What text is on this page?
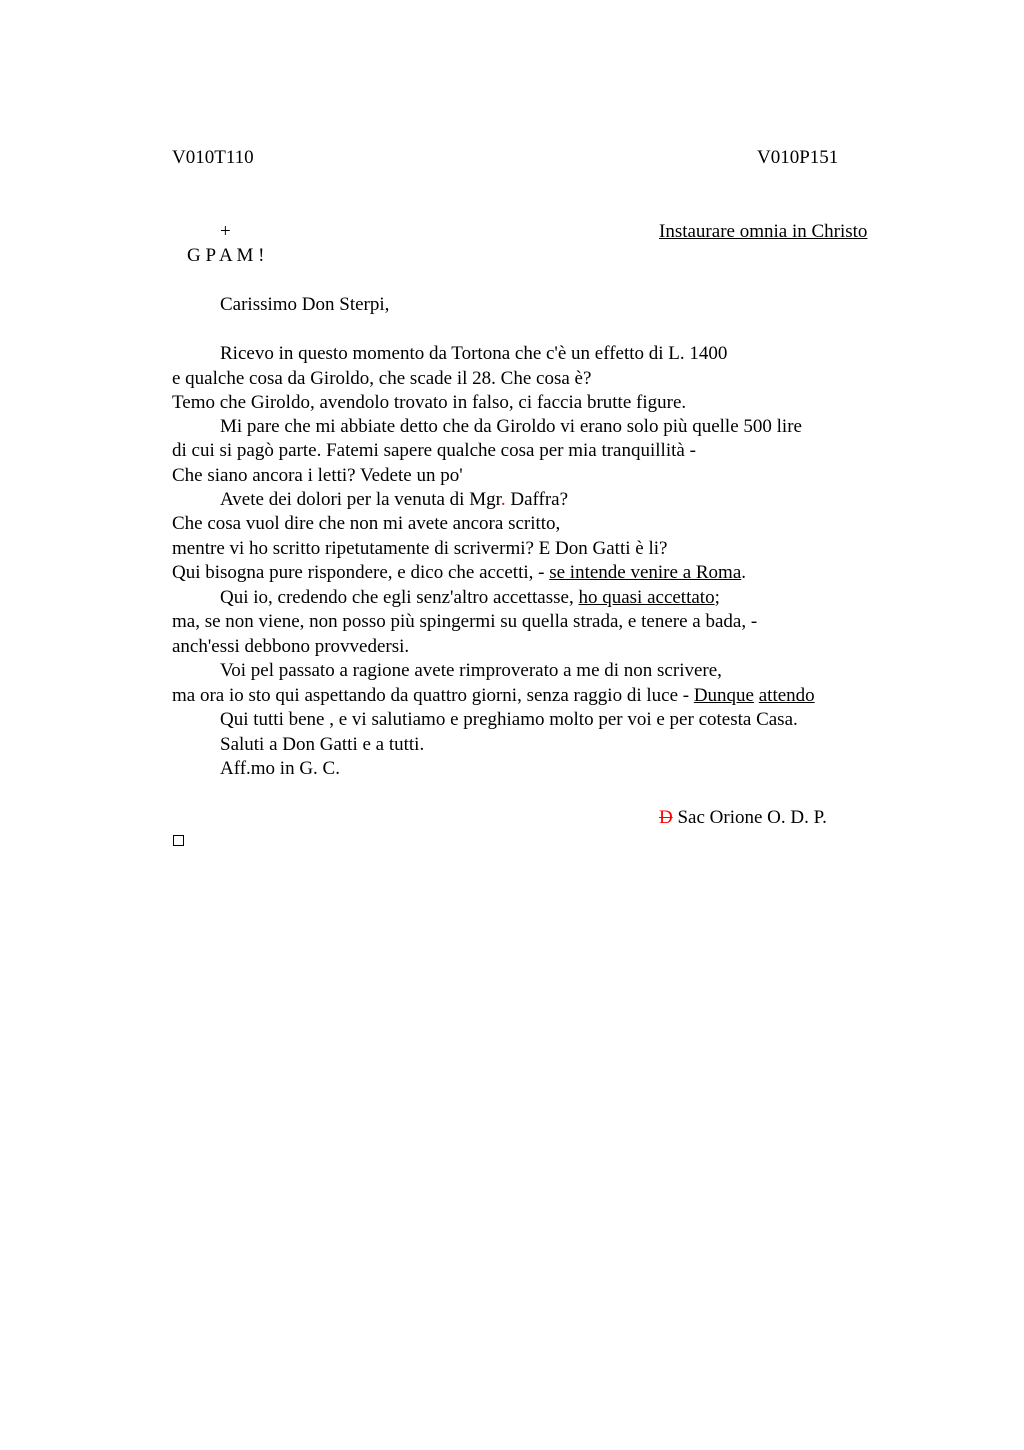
V010T110	V010P151
+	Instaurare omnia in Christo
G P A M !
Carissimo Don Sterpi,
Ricevo in questo momento da Tortona che c'è un effetto di L. 1400
e qualche cosa da Giroldo, che scade il 28. Che cosa è?
Temo che Giroldo, avendolo trovato in falso, ci faccia brutte figure.
Mi pare che mi abbiate detto che da Giroldo vi erano solo più quelle 500 lire
di cui si pagò parte. Fatemi sapere qualche cosa per mia tranquillità -
Che siano ancora i letti? Vedete un po'
Avete dei dolori per la venuta di Mgr. Daffra?
Che cosa vuol dire che non mi avete ancora scritto,
mentre vi ho scritto ripetutamente di scrivermi? E Don Gatti è li?
Qui bisogna pure rispondere, e dico che accetti, - se intende venire a Roma.
Qui io, credendo che egli senz'altro accettasse, ho quasi accettato;
ma, se non viene, non posso più spingermi su quella strada, e tenere a bada, -
anch'essi debbono provvedersi.
Voi pel passato a ragione avete rimproverato a me di non scrivere,
ma ora io sto qui aspettando da quattro giorni, senza raggio di luce - Dunque attendo
Qui tutti bene , e vi salutiamo e preghiamo molto per voi e per cotesta Casa.
Saluti a Don Gatti e a tutti.
Aff.mo in G. C.
D Sac Orione O. D. P.
